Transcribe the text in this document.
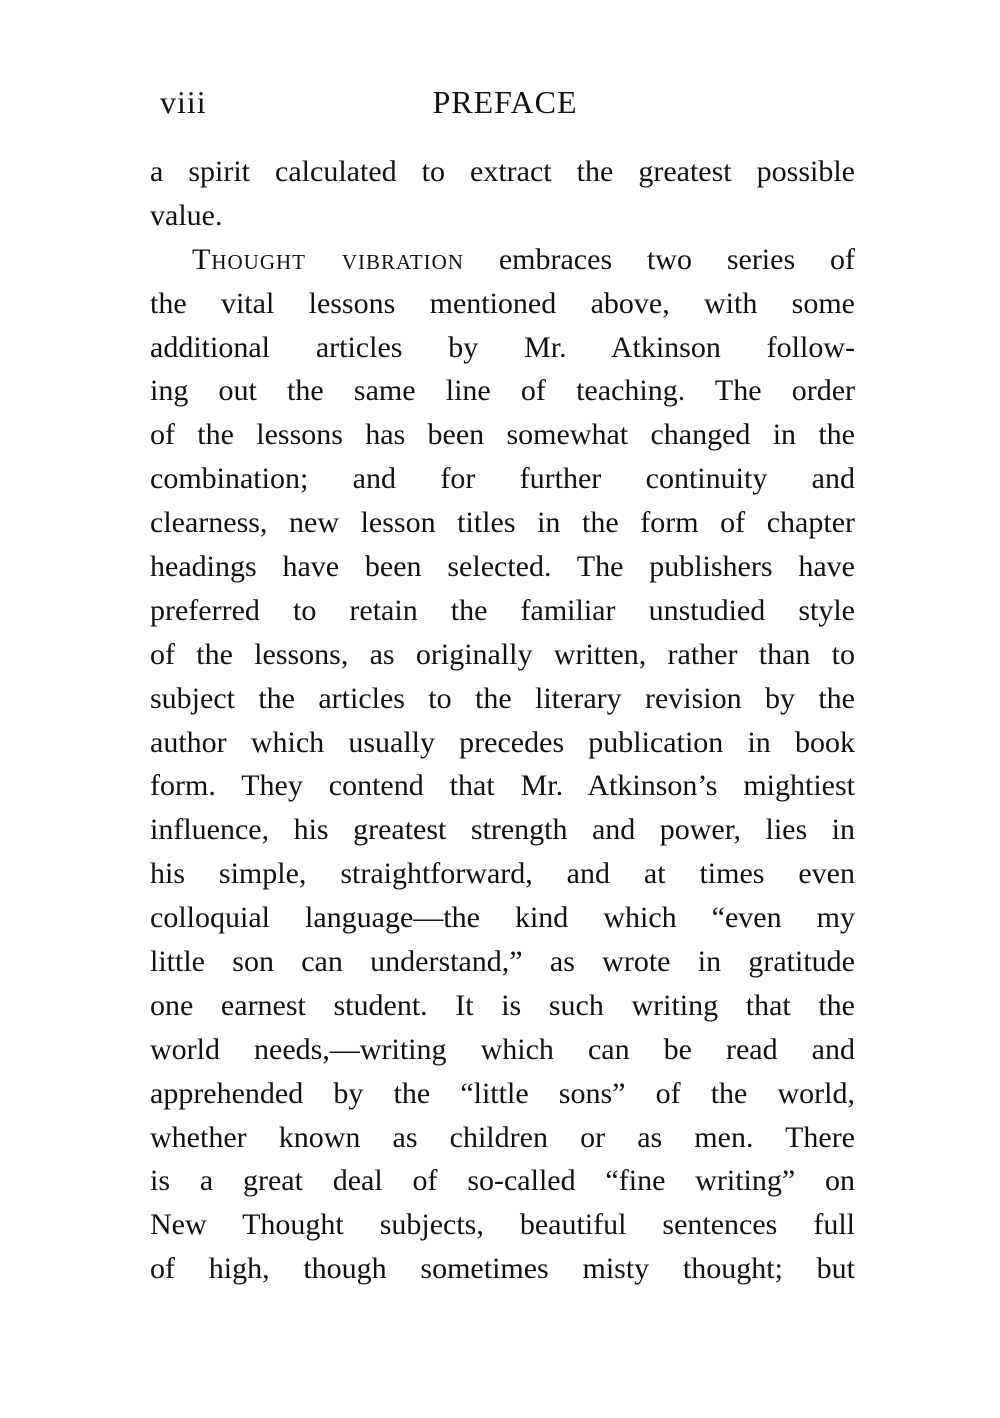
viii	PREFACE
a spirit calculated to extract the greatest possible
value.
Thought vibration embraces two series of
the vital lessons mentioned above, with some
additional articles by Mr. Atkinson follow-
ing out the same line of teaching. The order
of the lessons has been somewhat changed in the
combination; and for further continuity and
clearness, new lesson titles in the form of chapter
headings have been selected. The publishers have
preferred to retain the familiar unstudied style
of the lessons, as originally written, rather than to
subject the articles to the literary revision by the
author which usually precedes publication in book
form. They contend that Mr. Atkinson’s mightiest
influence, his greatest strength and power, lies in
his simple, straightforward, and at times even
colloquial language—the kind which “even my
little son can understand,” as wrote in gratitude
one earnest student. It is such writing that the
world needs,—writing which can be read and
apprehended by the “little sons” of the world,
whether known as children or as men. There
is a great deal of so-called “fine writing” on
New Thought subjects, beautiful sentences full
of high, though sometimes misty thought; but
